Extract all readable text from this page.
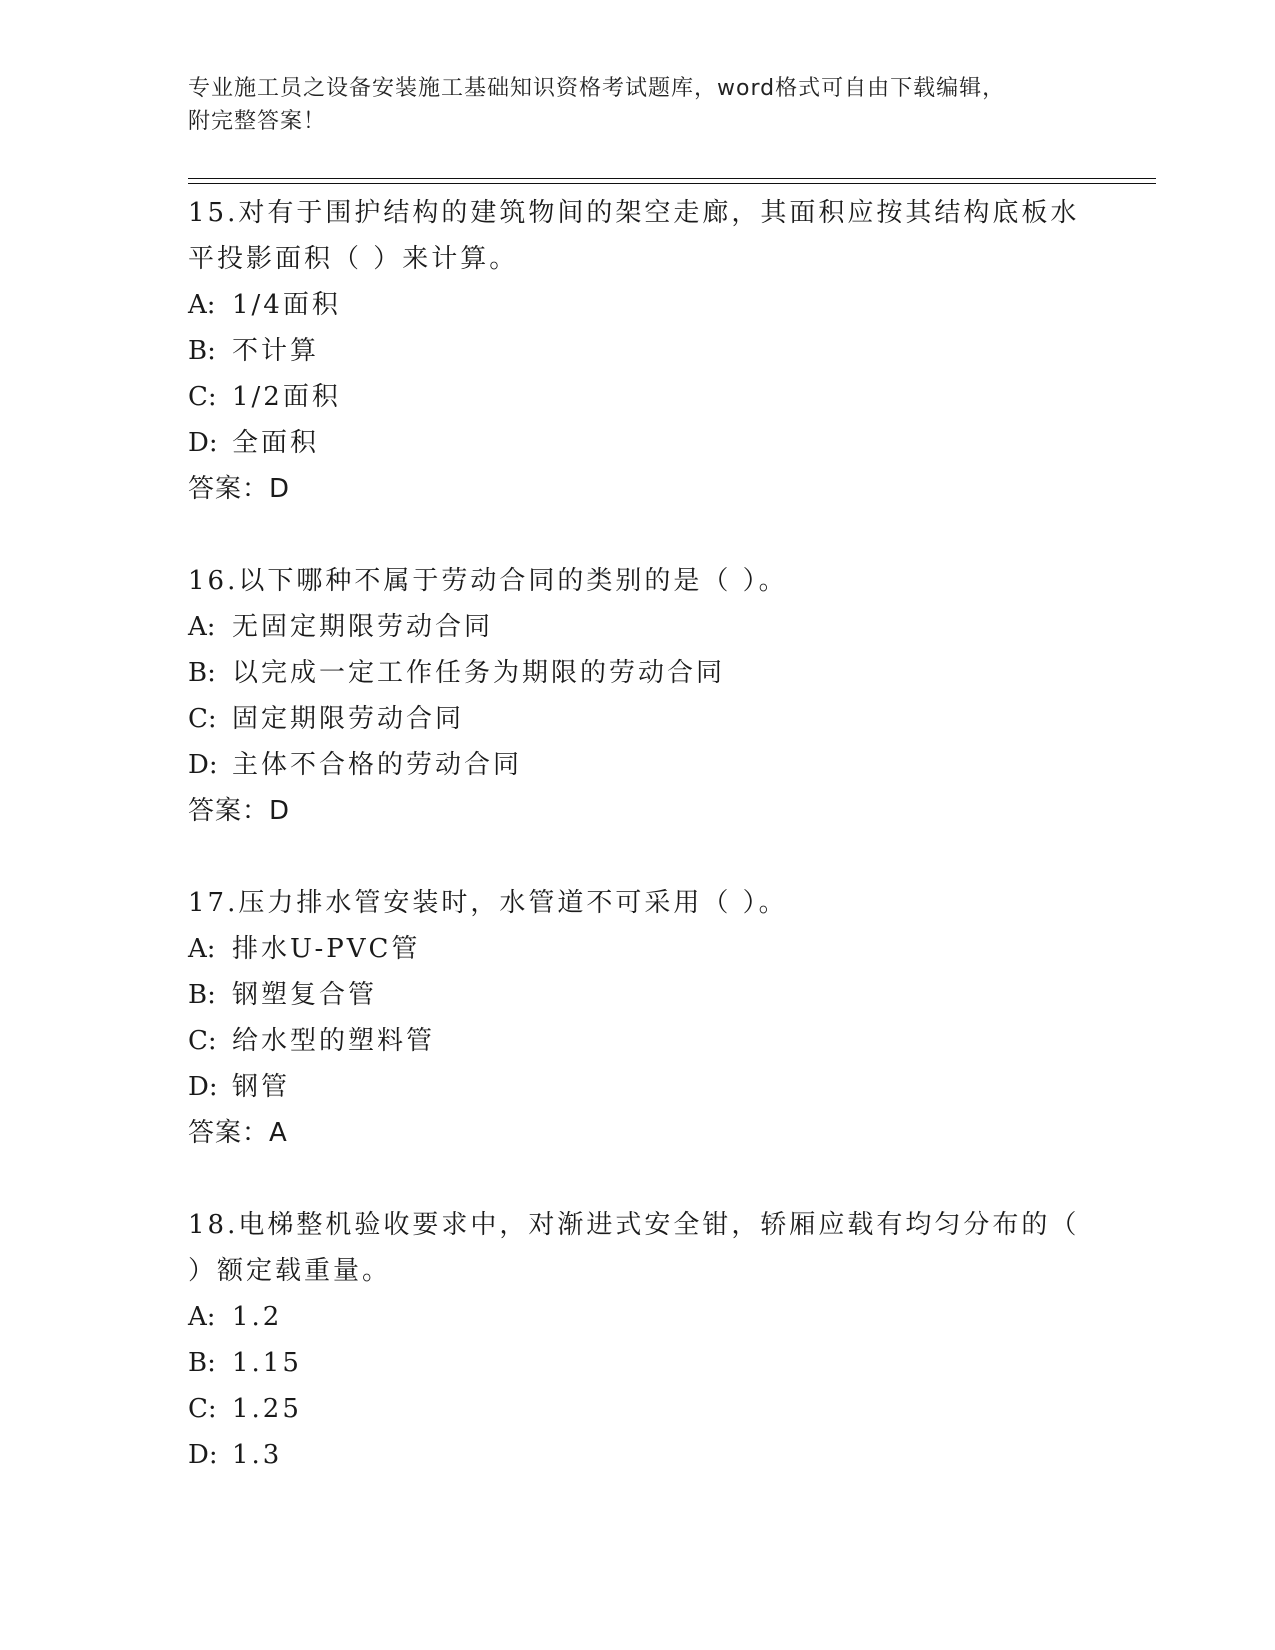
专业施工员之设备安装施工基础知识资格考试题库，word格式可自由下载编辑，
附完整答案！
15.对有于围护结构的建筑物间的架空走廊，其面积应按其结构底板水
平投影面积（ ）来计算。
A: 1/4面积
B: 不计算
C: 1/2面积
D: 全面积
答案：D
16.以下哪种不属于劳动合同的类别的是（ ）。
A: 无固定期限劳动合同
B: 以完成一定工作任务为期限的劳动合同
C: 固定期限劳动合同
D: 主体不合格的劳动合同
答案：D
17.压力排水管安装时，水管道不可采用（ ）。
A: 排水U-PVC管
B: 钢塑复合管
C: 给水型的塑料管
D: 钢管
答案：A
18.电梯整机验收要求中，对渐进式安全钳，轿厢应载有均匀分布的（
）额定载重量。
A: 1.2
B: 1.15
C: 1.25
D: 1.3
